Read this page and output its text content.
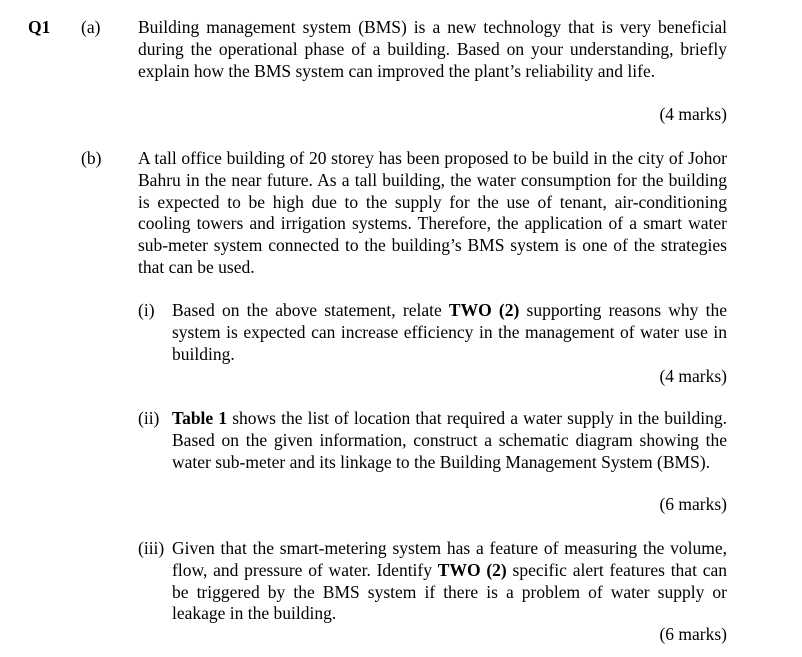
Q1 (a) Building management system (BMS) is a new technology that is very beneficial during the operational phase of a building. Based on your understanding, briefly explain how the BMS system can improved the plant’s reliability and life.
(4 marks)
(b) A tall office building of 20 storey has been proposed to be build in the city of Johor Bahru in the near future. As a tall building, the water consumption for the building is expected to be high due to the supply for the use of tenant, air-conditioning cooling towers and irrigation systems. Therefore, the application of a smart water sub-meter system connected to the building’s BMS system is one of the strategies that can be used.
(i) Based on the above statement, relate TWO (2) supporting reasons why the system is expected can increase efficiency in the management of water use in building.
(4 marks)
(ii) Table 1 shows the list of location that required a water supply in the building. Based on the given information, construct a schematic diagram showing the water sub-meter and its linkage to the Building Management System (BMS).
(6 marks)
(iii) Given that the smart-metering system has a feature of measuring the volume, flow, and pressure of water. Identify TWO (2) specific alert features that can be triggered by the BMS system if there is a problem of water supply or leakage in the building.
(6 marks)
